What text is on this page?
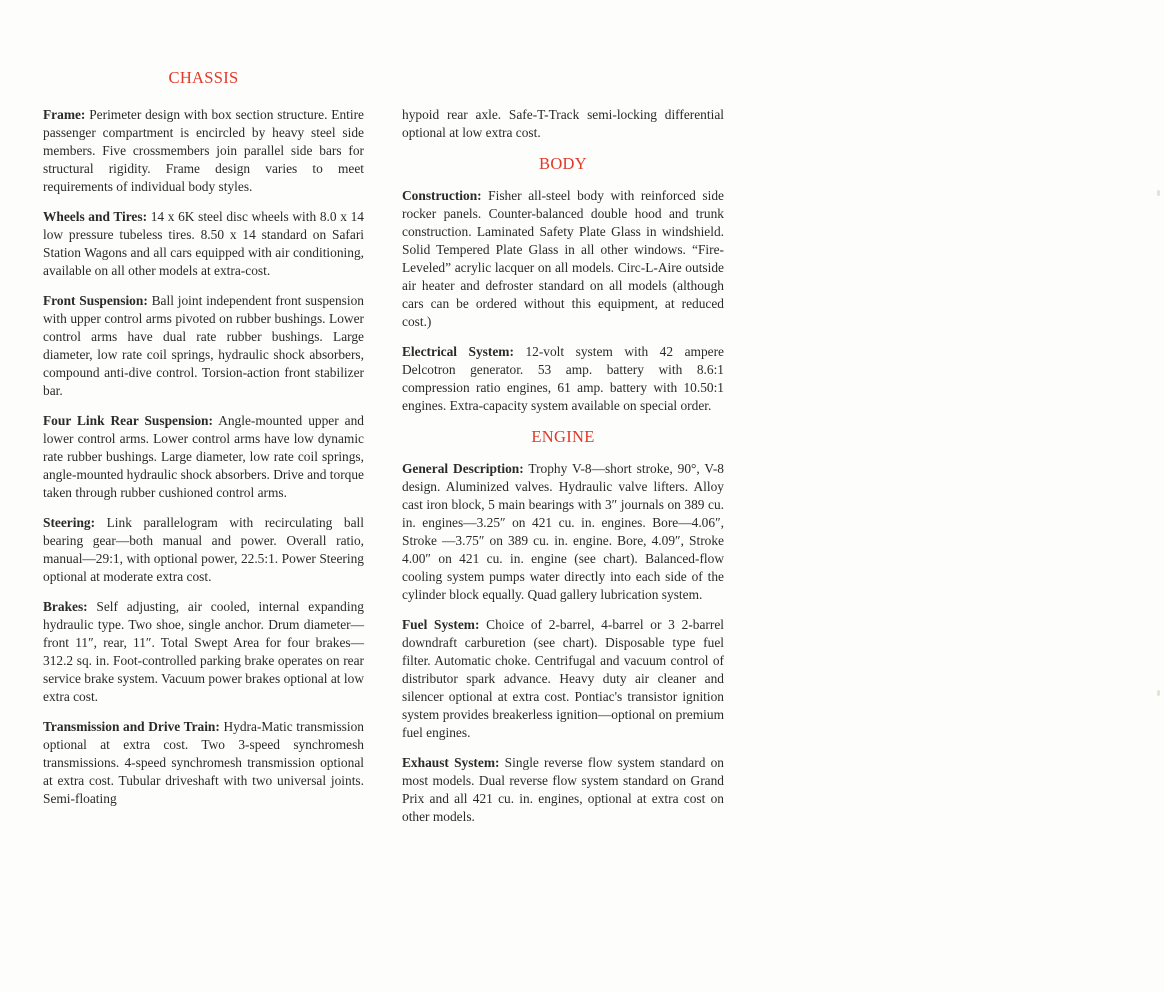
CHASSIS

Frame: Perimeter design with box section structure. Entire passenger compartment is encircled by heavy steel side members. Five crossmembers join parallel side bars for structural rigidity. Frame design varies to meet requirements of individual body styles.

Wheels and Tires: 14 x 6K steel disc wheels with 8.0 x 14 low pressure tubeless tires. 8.50 x 14 standard on Safari Station Wagons and all cars equipped with air conditioning, available on all other models at extra-cost.

Front Suspension: Ball joint independent front suspension with upper control arms pivoted on rubber bushings. Lower control arms have dual rate rubber bushings. Large diameter, low rate coil springs, hydraulic shock absorbers, compound anti-dive control. Torsion-action front stabilizer bar.

Four Link Rear Suspension: Angle-mounted upper and lower control arms. Lower control arms have low dynamic rate rubber bushings. Large diameter, low rate coil springs, angle-mounted hydraulic shock absorbers. Drive and torque taken through rubber cushioned control arms.

Steering: Link parallelogram with recirculating ball bearing gear—both manual and power. Overall ratio, manual—29:1, with optional power, 22.5:1. Power Steering optional at moderate extra cost.

Brakes: Self adjusting, air cooled, internal expanding hydraulic type. Two shoe, single anchor. Drum diameter—front 11″, rear, 11″. Total Swept Area for four brakes—312.2 sq. in. Foot-controlled parking brake operates on rear service brake system. Vacuum power brakes optional at low extra cost.

Transmission and Drive Train: Hydra-Matic transmission optional at extra cost. Two 3-speed synchromesh transmissions. 4-speed synchromesh transmission optional at extra cost. Tubular driveshaft with two universal joints. Semi-floating

hypoid rear axle. Safe-T-Track semi-locking differential optional at low extra cost.

BODY

Construction: Fisher all-steel body with reinforced side rocker panels. Counter-balanced double hood and trunk construction. Laminated Safety Plate Glass in windshield. Solid Tempered Plate Glass in all other windows. “Fire-Leveled” acrylic lacquer on all models. Circ-L-Aire outside air heater and defroster standard on all models (although cars can be ordered without this equipment, at reduced cost.)

Electrical System: 12-volt system with 42 ampere Delcotron generator. 53 amp. battery with 8.6:1 compression ratio engines, 61 amp. battery with 10.50:1 engines. Extra-capacity system available on special order.

ENGINE

General Description: Trophy V-8—short stroke, 90°, V-8 design. Aluminized valves. Hydraulic valve lifters. Alloy cast iron block, 5 main bearings with 3″ journals on 389 cu. in. engines—3.25″ on 421 cu. in. engines. Bore—4.06″, Stroke —3.75″ on 389 cu. in. engine. Bore, 4.09″, Stroke 4.00″ on 421 cu. in. engine (see chart). Balanced-flow cooling system pumps water directly into each side of the cylinder block equally. Quad gallery lubrication system.

Fuel System: Choice of 2-barrel, 4-barrel or 3 2-barrel downdraft carburetion (see chart). Disposable type fuel filter. Automatic choke. Centrifugal and vacuum control of distributor spark advance. Heavy duty air cleaner and silencer optional at extra cost. Pontiac's transistor ignition system provides breakerless ignition—optional on premium fuel engines.

Exhaust System: Single reverse flow system standard on most models. Dual reverse flow system standard on Grand Prix and all 421 cu. in. engines, optional at extra cost on other models.
